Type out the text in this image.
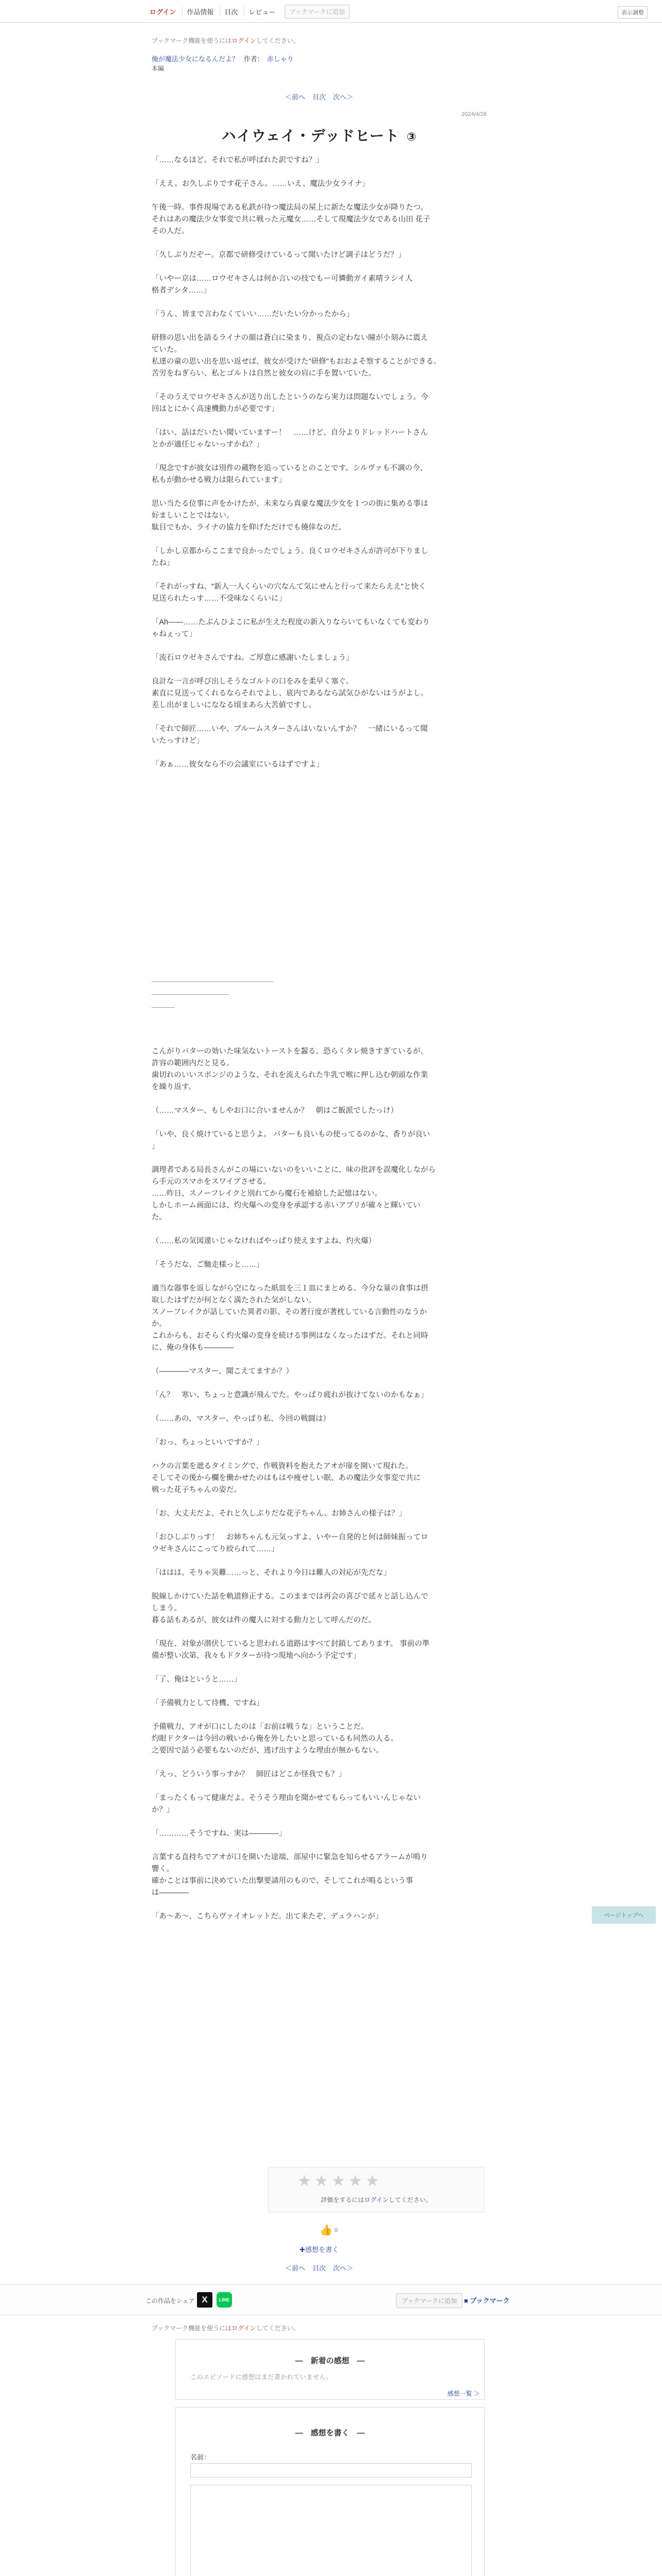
ログイン	作品情報	目次	レビュー	ブックマークに追加	表示調整

ブックマーク機能を使うにはログインしてください。

俺が魔法少女になるんだよ？ 作者： 赤しゃり

本編

＜前へ 目次 次へ＞
2024/4/26
ハイウェイ・デッドヒート ③

「……なるほど。それで私が呼ばれた訳ですね？」

「ええ。お久しぶりです花子さん。……いえ、魔法少女ライナ」

午後一時。事件現場である私鉄が待つ魔法局の屋上に新たな魔法少女が降りたつ。

それはあの魔法少女事変で共に戦った元魔女……そして現魔法少女である山田 花子

その人だ。

「久しぶりだぞー。京都で研修受けているって聞いたけど調子はどうだ？」

「いやー京は……ロウゼキさんは何か言いの技でもー可憐動ガイ素晴ラシイ人

格者デシタ……」

「うん、皆まで言わなくていい……だいたい分かったから」

研修の思い出を語るライナの顔は蒼白に染まり、視点の定わない瞳が小刻みに震え

ていた。

私達の童の思い出を思い返せば、彼女が受けた"研修"もおおよそ察することができる。

苦労をねぎらい、私とゴルトは自然と彼女の肩に手を置いていた。

「そのうえでロウゼキさんが送り出したというのなら実力は問題ないでしょう。今

回はとにかく高速機動力が必要です」

「はい、話はだいたい聞いていますー！　……けど、自分よりドレッドハートさん

とかが適任じゃないっすかね？」

「現念ですが彼女は別件の蔵物を追っているとのことです。シルヴァも不調の今、

私もが動かせる戦力は限られています」

思い当たる位事に声をかけたが、未来なら真豪な魔法少女を１つの街に集める事は

好ましいことではない。

駄目でもか、ライナの協力を仰げただけでも僥倖なのだ。

「しかし京都からここまで良かったでしょう。良くロウゼキさんが許可が下りまし

たね」

「それがっすね、"新人一人くらいの穴なんて気にせんと行って来たらええ"と快く

見送られたっす……不受味なくらいに」

「Ah――……たぶんひよこに私が生えた程度の新入りならいてもいなくても変わり

ゃねぇって」

「流石ロウゼキさんですね。ご厚意に感謝いたしましょう」

良計な一言が呼び出しそうなゴルトの口をみを柔早く塞ぐ。

素直に見送ってくれるならそれでよし、底内であるなら試気ひがないはうがよし。

差し出がましいにななる頃まあら大苦値ですし。

「それで師匠……いや、ブルームスターさんはいないんすか？　一緒にいるって聞

いたっすけど」

「あぁ……彼女なら不の会議室にいるはずですよ」

こんがりバターの効いた味気ないトーストを齧る。恐らくタレ焼きすぎているが、

許容の範囲内だと見る。

歯切れのいいスポンジのような、それを流えられた牛乳で喉に押し込む朝頭な作業

を繰り返す。

（……マスター、もしやお口に合いませんか？　朝はご飯派でしたっけ）

「いや、良く焼けていると思うよ。 バターも良いもの使ってるのかな、香りが良い

」

調理者である局長さんがこの場にいないのをいいことに、味の批評を誤魔化しながら

ら手元のスマホをスワイプさせる。

……昨日、スノーフレイクと別れてから魔石を補給した記憶はない。

しかしホーム画面には、灼火爆への変身を承認する赤いアプリが確々と輝いてい

た。

（……私の気図違いじゃなければやっぱり使えますよね、灼火爆）

「そうだな、ご馳走様っと……」

適当な器事を返しながら空になった紙皿を三１皿にまとめる。今分な量の食事は摂

取したはずだが何となく満たされた気がしない。

スノーフレイクが話していた異者の影、その著行度が著枕している言動性のなうか

か。

これからも、おそらく灼火爆の変身を続ける事例はなくなったはずだ。それと同時

に、俺の身体も――――

（――――マスター、聞こえてますか？）

「ん？　寒い、ちょっと意識が飛んでた。やっぱり疲れが抜けてないのかもなぁ」

（……あの、マスター、やっぱり私、今回の戦闘は）

「おっ、ちょっといいですか？」

ハクの言葉を遮るタイミングで、作戦資料を抱えたアオが扉を開いて現れた。

そしてその後から欄を働かせたのはもはや痩せしい眠、あの魔法少女事変で共に

戦った花子ちゃんの姿だ。

「お、大丈夫だよ、それと久しぶりだな花子ちゃん、お姉さんの様子は？」

「おひしぶりっす！　お姉ちゃんも元気っすよ。いやー自発的と何は師妹振ってロ

ウゼキさんにこってり絞られて……」

「ははは、そりゃ災難……っと、それより今日は難人の対応が先だな」

脱線しかけていた話を軌道修正する。このままでは再会の喜びで延々と話し込んで

しまう。

暮る話もあるが、彼女は件の魔人に対する動力として呼んだのだ。

「現在、対象が潜伏していると思われる道路はすべて封鎖してあります。 事前の準

備が整い次第、我々もドクターが待つ現地へ向かう予定です」

「了、俺はというと……」

「予備戦力として待機、ですね」

予備戦力、アオが口にしたのは「お前は戦うな」ということだ。

灼眼ドクターは今回の戦いから俺を外したいと思っているも同然の人る。

之要因で話う必要もないのだが、逃げ出すような理由が無かもない。

「えっ、どういう事っすか？　師匠はどこか怪我でも？」

「まったくもって健康だよ。そうそう理由を聞かせてもらってもいいんじゃない

か？」

「…………そうですね、実は――――」

言葉する直持ちでアオが口を開いた途端、部屋中に緊急を知らせるアラームが鳴り

響く。

確かことは事前に決めていた出撃要請用のもので、そしてこれが鳴るという事

は――――

「あ～あ～、こちらヴァイオレットだ。出て来たぞ、デュラハンが」

★ ★ ★ ★ ★

評価をするにはログインしてください。

👍 0
✚感想を書く
＜前へ 目次 次へ＞
この作品をシェア X	LINE	ブックマークに追加	■ ブックマーク

ブックマーク機能を使うにはログインしてください。

―　新着の感想　―

このエピソードに感想はまだ書かれていません。

感想一覧 ＞

―　感想を書く　―

名前：

ページトップへ
